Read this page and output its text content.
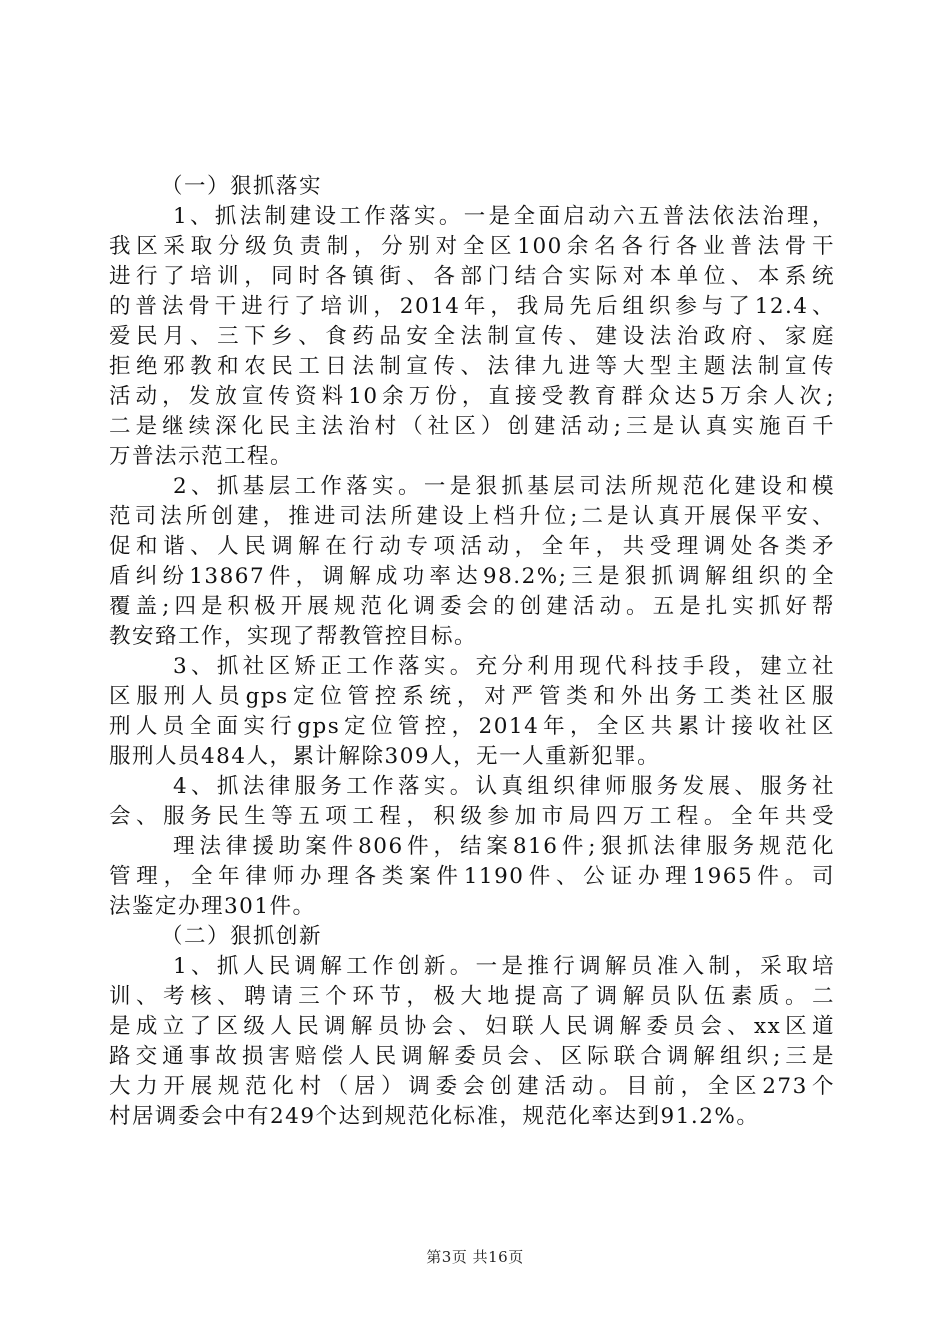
（一）狠抓落实
1、抓法制建设工作落实。一是全面启动六五普法依法治理，
我区采取分级负责制，分别对全区100余名各行各业普法骨干
进行了培训，同时各镇街、各部门结合实际对本单位、本系统
的普法骨干进行了培训，2014年，我局先后组织参与了12.4、
爱民月、三下乡、食药品安全法制宣传、建设法治政府、家庭
拒绝邪教和农民工日法制宣传、法律九进等大型主题法制宣传
活动，发放宣传资料10余万份，直接受教育群众达5万余人次;
二是继续深化民主法治村（社区）创建活动;三是认真实施百千
万普法示范工程。
2、抓基层工作落实。一是狠抓基层司法所规范化建设和模
范司法所创建，推进司法所建设上档升位;二是认真开展保平安、
促和谐、人民调解在行动专项活动，全年，共受理调处各类矛
盾纠纷13867件，调解成功率达98.2%;三是狠抓调解组织的全
覆盖;四是积极开展规范化调委会的创建活动。五是扎实抓好帮
教安臵工作，实现了帮教管控目标。
3、抓社区矫正工作落实。充分利用现代科技手段，建立社
区服刑人员gps定位管控系统，对严管类和外出务工类社区服
刑人员全面实行gps定位管控，2014年，全区共累计接收社区
服刑人员484人，累计解除309人，无一人重新犯罪。
4、抓法律服务工作落实。认真组织律师服务发展、服务社
会、服务民生等五项工程，积级参加市局四万工程。全年共受
理法律援助案件806件，结案816件;狠抓法律服务规范化
管理，全年律师办理各类案件1190件、公证办理1965件。司
法鉴定办理301件。
（二）狠抓创新
1、抓人民调解工作创新。一是推行调解员准入制，采取培
训、考核、聘请三个环节，极大地提高了调解员队伍素质。二
是成立了区级人民调解员协会、妇联人民调解委员会、xx区道
路交通事故损害赔偿人民调解委员会、区际联合调解组织;三是
大力开展规范化村（居）调委会创建活动。目前，全区273个
村居调委会中有249个达到规范化标准，规范化率达到91.2%。
第3页 共16页
